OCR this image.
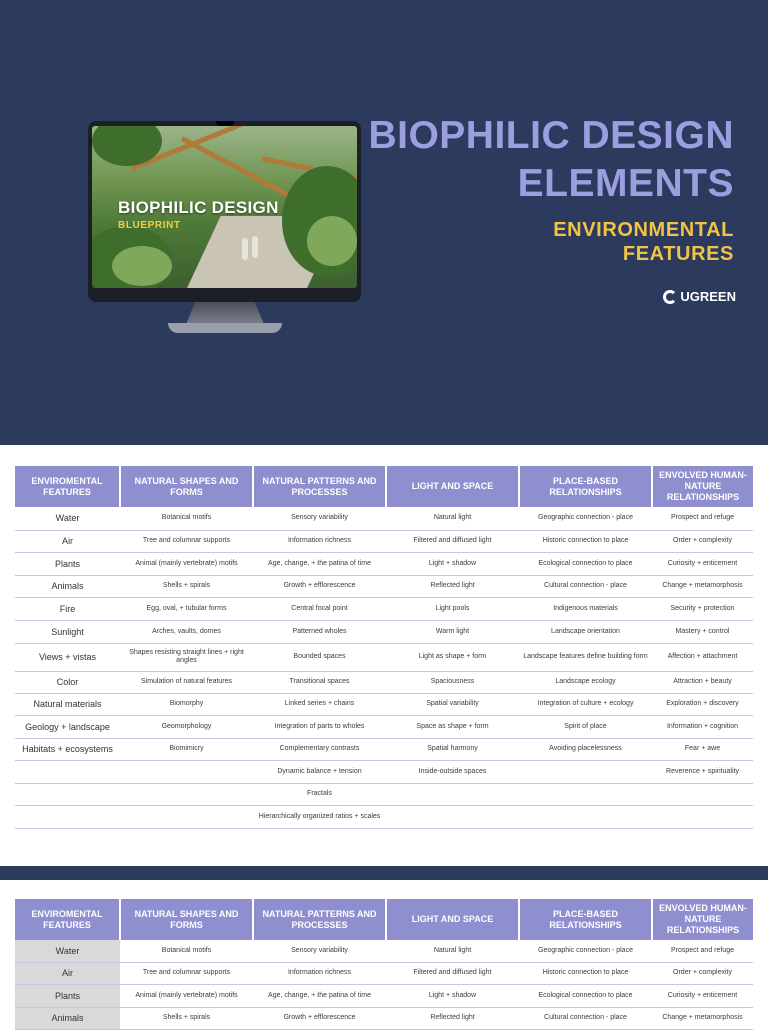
BIOPHILIC DESIGN
BLUEPRINT
BIOPHILIC DESIGN
ELEMENTS
ENVIRONMENTAL
FEATURES
UGREEN
ENVIROMENTAL FEATURES	NATURAL SHAPES AND FORMS	NATURAL PATTERNS AND PROCESSES	LIGHT AND SPACE	PLACE-BASED RELATIONSHIPS	ENVOLVED HUMAN-NATURE RELATIONSHIPS
Water	Botanical motifs	Sensory variability	Natural light	Geographic connection - place	Prospect and refuge
Air	Tree and columnar supports	Information richness	Filtered and diffused light	Historic connection to place	Order + complexity
Plants	Animal (mainly vertebrate) motifs	Age, change, + the patina of time	Light + shadow	Ecological connection to place	Curiosity + enticement
Animals	Shells + spirals	Growth + efflorescence	Reflected light	Cultural connection - place	Change + metamorphosis
Fire	Egg, oval, + tubular forms	Central focal point	Light pools	Indigenous materials	Security + protection
Sunlight	Arches, vaults, domes	Patterned wholes	Warm light	Landscape orientation	Mastery + control
Views + vistas	Shapes resisting straight lines + right angles	Bounded spaces	Light as shape + form	Landscape features define building form	Affection + attachment
Color	Simulation of natural features	Transitional spaces	Spaciousness	Landscape ecology	Attraction + beauty
Natural materials	Biomorphy	Linked series + chains	Spatial variability	Integration of culture + ecology	Exploration + discovery
Geology + landscape	Geomorphology	Integration of parts to wholes	Space as shape + form	Spirit of place	Information + cognition
Habitats + ecosystems	Biomimicry	Complementary contrasts	Spatial harmony	Avoiding placelessness	Fear + awe
		Dynamic balance + tension	Inside-outside spaces		Reverence + spirituality
		Fractals			
		Hierarchically organized ratios + scales			
ENVIROMENTAL FEATURES	NATURAL SHAPES AND FORMS	NATURAL PATTERNS AND PROCESSES	LIGHT AND SPACE	PLACE-BASED RELATIONSHIPS	ENVOLVED HUMAN-NATURE RELATIONSHIPS
Water	Botanical motifs	Sensory variability	Natural light	Geographic connection - place	Prospect and refuge
Air	Tree and columnar supports	Information richness	Filtered and diffused light	Historic connection to place	Order + complexity
Plants	Animal (mainly vertebrate) motifs	Age, change, + the patina of time	Light + shadow	Ecological connection to place	Curiosity + enticement
Animals	Shells + spirals	Growth + efflorescence	Reflected light	Cultural connection - place	Change + metamorphosis
